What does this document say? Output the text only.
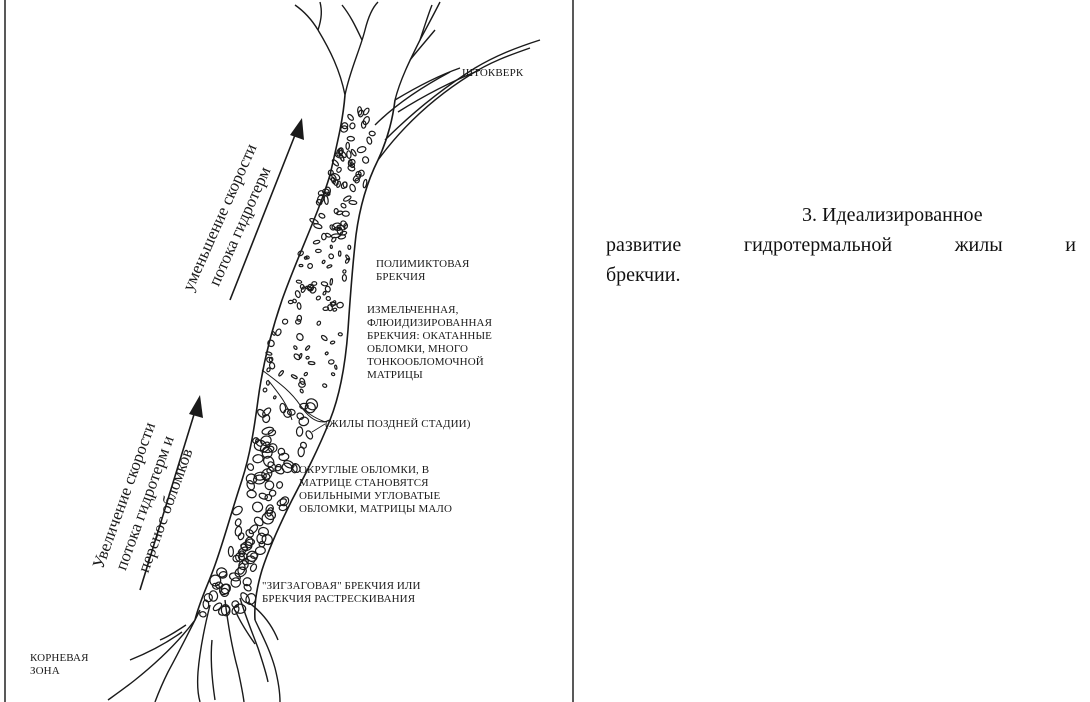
ШТОКВЕРК
ПОЛИМИКТОВАЯ
БРЕКЧИЯ
ИЗМЕЛЬЧЕННАЯ,
ФЛЮИДИЗИРОВАННАЯ
БРЕКЧИЯ: ОКАТАННЫЕ
ОБЛОМКИ, МНОГО
ТОНКООБЛОМОЧНОЙ
МАТРИЦЫ
(ЖИЛЫ ПОЗДНЕЙ СТАДИИ)
ОКРУГЛЫЕ ОБЛОМКИ, В
МАТРИЦЕ СТАНОВЯТСЯ
ОБИЛЬНЫМИ УГЛОВАТЫЕ
ОБЛОМКИ, МАТРИЦЫ МАЛО
"ЗИГЗАГОВАЯ" БРЕКЧИЯ ИЛИ
БРЕКЧИЯ РАСТРЕСКИВАНИЯ
КОРНЕВАЯ
ЗОНА
уменьшение скорости
потока гидротерм
Увеличение скорости
потока гидротерм и
перенос обломков
3. Идеализированное
развитие гидротермальной жилы и
брекчии.
